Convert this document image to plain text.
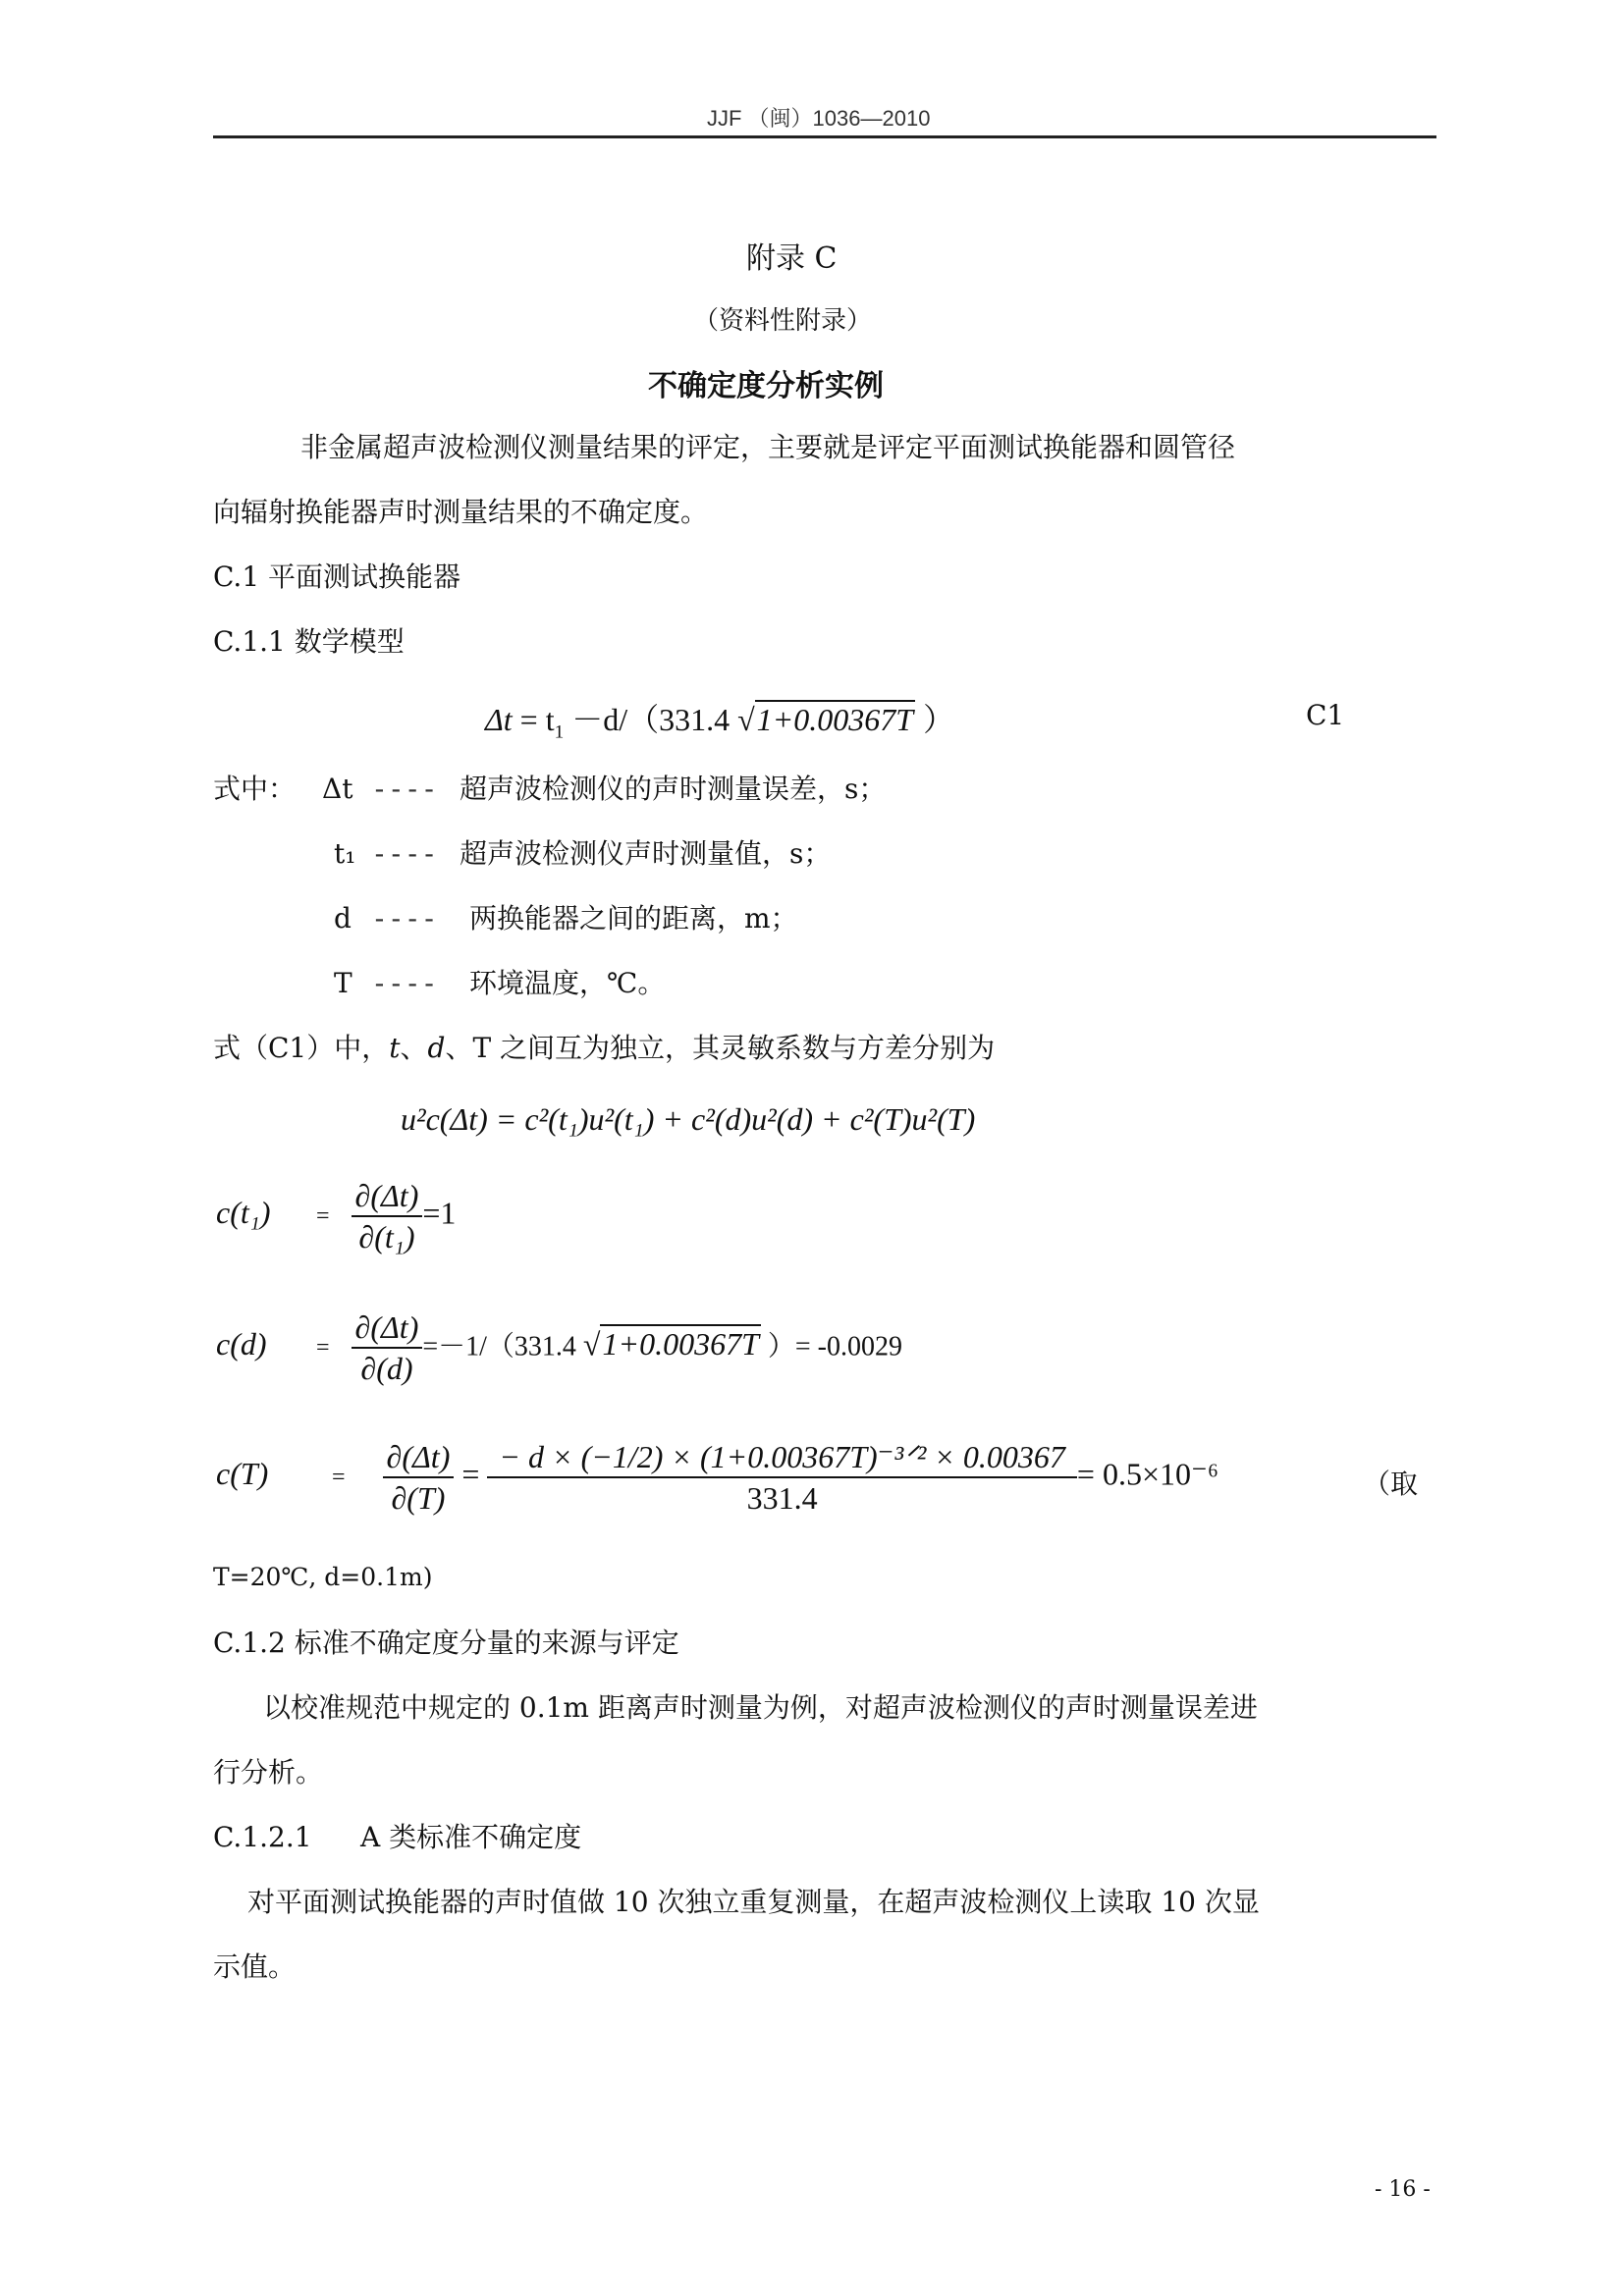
JJF （闽）1036—2010
附录 C
（资料性附录）
不确定度分析实例
非金属超声波检测仪测量结果的评定，主要就是评定平面测试换能器和圆管径
向辐射换能器声时测量结果的不确定度。
C.1 平面测试换能器
C.1.1 数学模型
$\Delta t = t_1 -d/(331.4$ √1+0.00367T ）	C1
式中： Δt ---- 超声波检测仪的声时测量误差，s；
t₁ ---- 超声波检测仪声时测量值，s；
d ---- 两换能器之间的距离，m；
T ---- 环境温度，℃。
式（C1）中，t、d、T 之间互为独立，其灵敏系数与方差分别为
u²c(Δt) = c²(t₁)u²(t₁) + c²(d)u²(d) + c²(T)u²(T)
$c(t_1) = \frac{\partial(\Delta t)}{\text{∂(t₁)}} =1$
$c(d) = \frac{\partial(\Delta t)}{\partial(d)} =-1/(331.4$ √1+0.00367T ）= -0.0029
c(T)	= $\frac{\partial(\Delta t)}{\partial(T)} = \frac{\text{− d × (−1/2) × (1+0.00367T)⁻³ᐟ² × 0.00367}}{331.4} = 0.5\times 10^{-6}$	（取
T=20℃, d=0.1m)
C.1.2 标准不确定度分量的来源与评定
以校准规范中规定的 0.1m 距离声时测量为例，对超声波检测仪的声时测量误差进
行分析。
C.1.2.1 A 类标准不确定度
对平面测试换能器的声时值做 10 次独立重复测量，在超声波检测仪上读取 10 次显
示值。
- 16 -
